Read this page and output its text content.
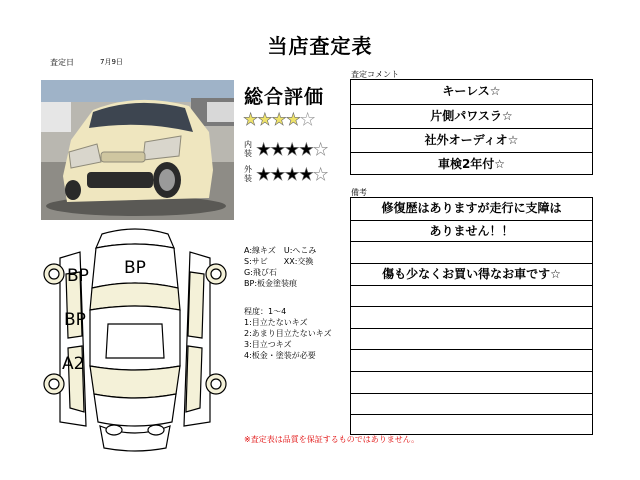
当店査定表
査定日	7月9日
総合評価
★★★★★
内装 ★★★★★
外装 ★★★★★
査定コメント
キーレス☆
片側パワスラ☆
社外オーディオ☆
車検2年付☆
備考
修復歴はありますが走行に支障は
ありません！！
傷も少なくお買い得なお車です☆
BP BP
BP
A2
A:線キズ　U:へこみ
S:サビ　　XX:交換
G:飛び石
BP:板金塗装痕
程度：1～4
1:目立たないキズ
2:あまり目立たないキズ
3:目立つキズ
4:板金・塗装が必要
※査定表は品質を保証するものではありません。
